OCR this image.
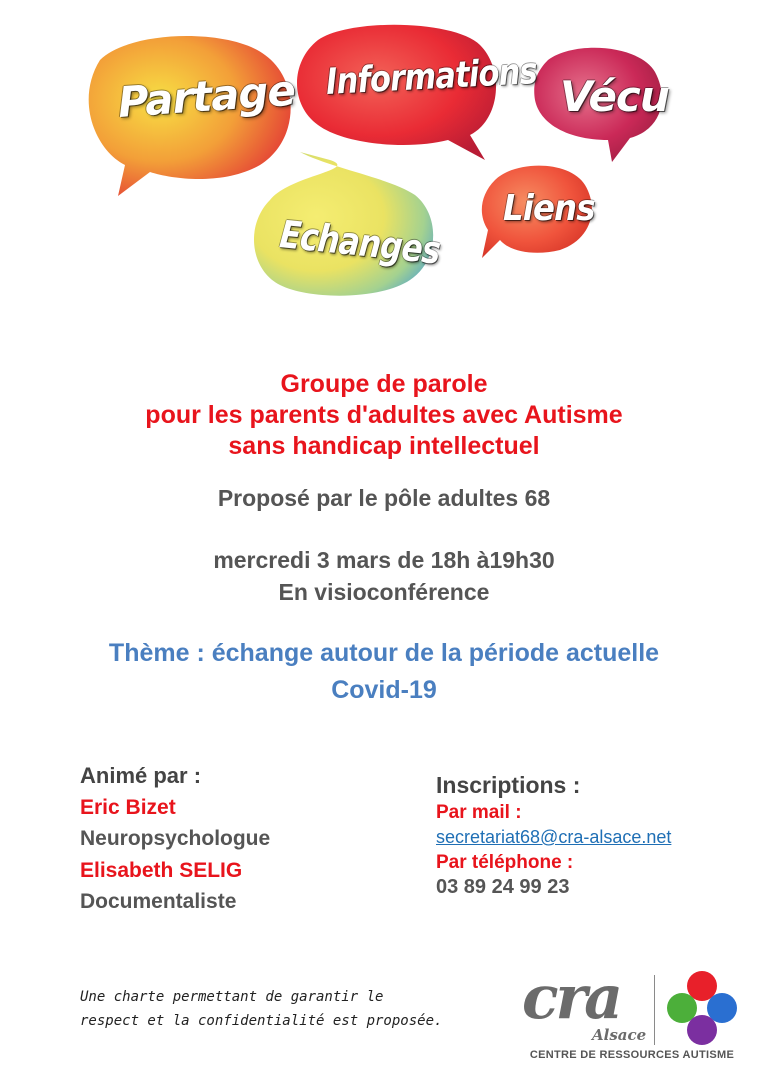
Partage Informations Vécu
Echanges
Liens
Groupe de parole
pour les parents d'adultes avec Autisme
sans handicap intellectuel
Proposé par le pôle adultes 68
mercredi 3 mars de 18h à19h30
En visioconférence
Thème : échange autour de la période actuelle
Covid-19
Animé par :
Eric Bizet
Neuropsychologue
Elisabeth SELIG
Documentaliste
Inscriptions :
Par mail :
secretariat68@cra-alsace.net
Par téléphone :
03 89 24 99 23
Une charte permettant de garantir le
respect et la confidentialité est proposée. cra
Alsace
CENTRE DE RESSOURCES AUTISME
